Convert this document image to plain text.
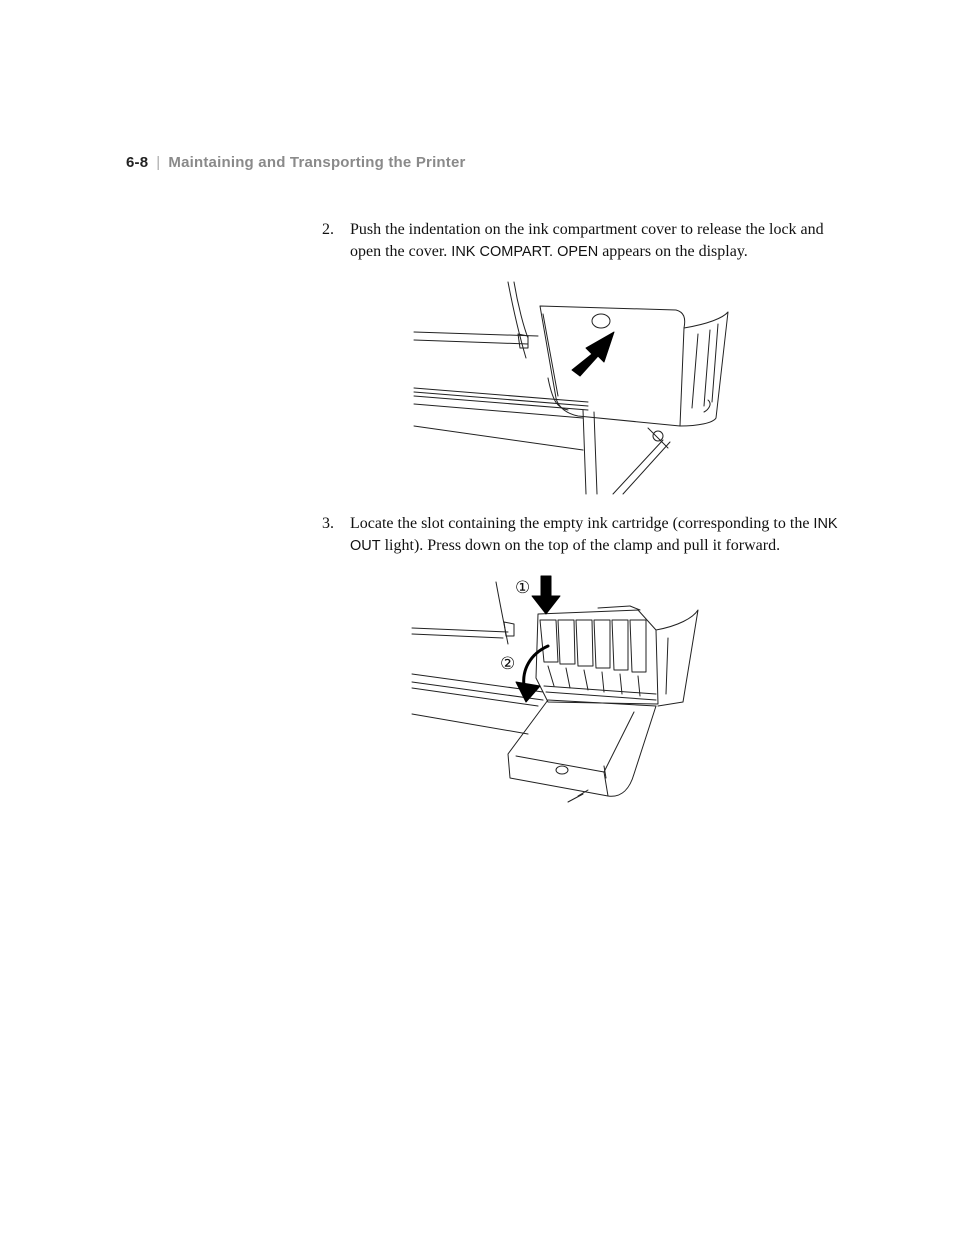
6-8 | Maintaining and Transporting the Printer
2. Push the indentation on the ink compartment cover to release the lock and open the cover. INK COMPART. OPEN appears on the display.
3. Locate the slot containing the empty ink cartridge (corresponding to the INK OUT light). Press down on the top of the clamp and pull it forward.
①
②
